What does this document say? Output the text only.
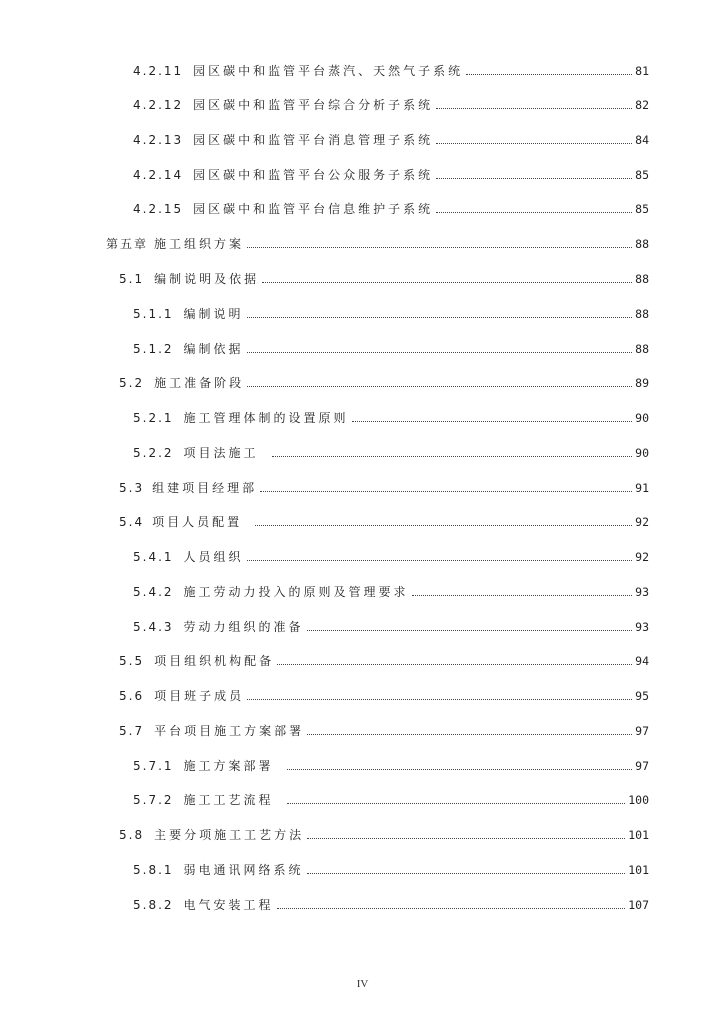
4.2.11 园区碳中和监管平台蒸汽、天然气子系统	81
4.2.12 园区碳中和监管平台综合分析子系统	82
4.2.13 园区碳中和监管平台消息管理子系统	84
4.2.14 园区碳中和监管平台公众服务子系统	85
4.2.15 园区碳中和监管平台信息维护子系统	85
第五章 施工组织方案	88
5.1 编制说明及依据	88
5.1.1 编制说明	88
5.1.2 编制依据	88
5.2 施工准备阶段	89
5.2.1 施工管理体制的设置原则	90
5.2.2 项目法施工	90
5.3 组建项目经理部	91
5.4 项目人员配置	92
5.4.1 人员组织	92
5.4.2 施工劳动力投入的原则及管理要求	93
5.4.3 劳动力组织的准备	93
5.5 项目组织机构配备	94
5.6 项目班子成员	95
5.7 平台项目施工方案部署	97
5.7.1 施工方案部署	97
5.7.2 施工工艺流程	100
5.8 主要分项施工工艺方法	101
5.8.1 弱电通讯网络系统	101
5.8.2 电气安装工程	107
IV
